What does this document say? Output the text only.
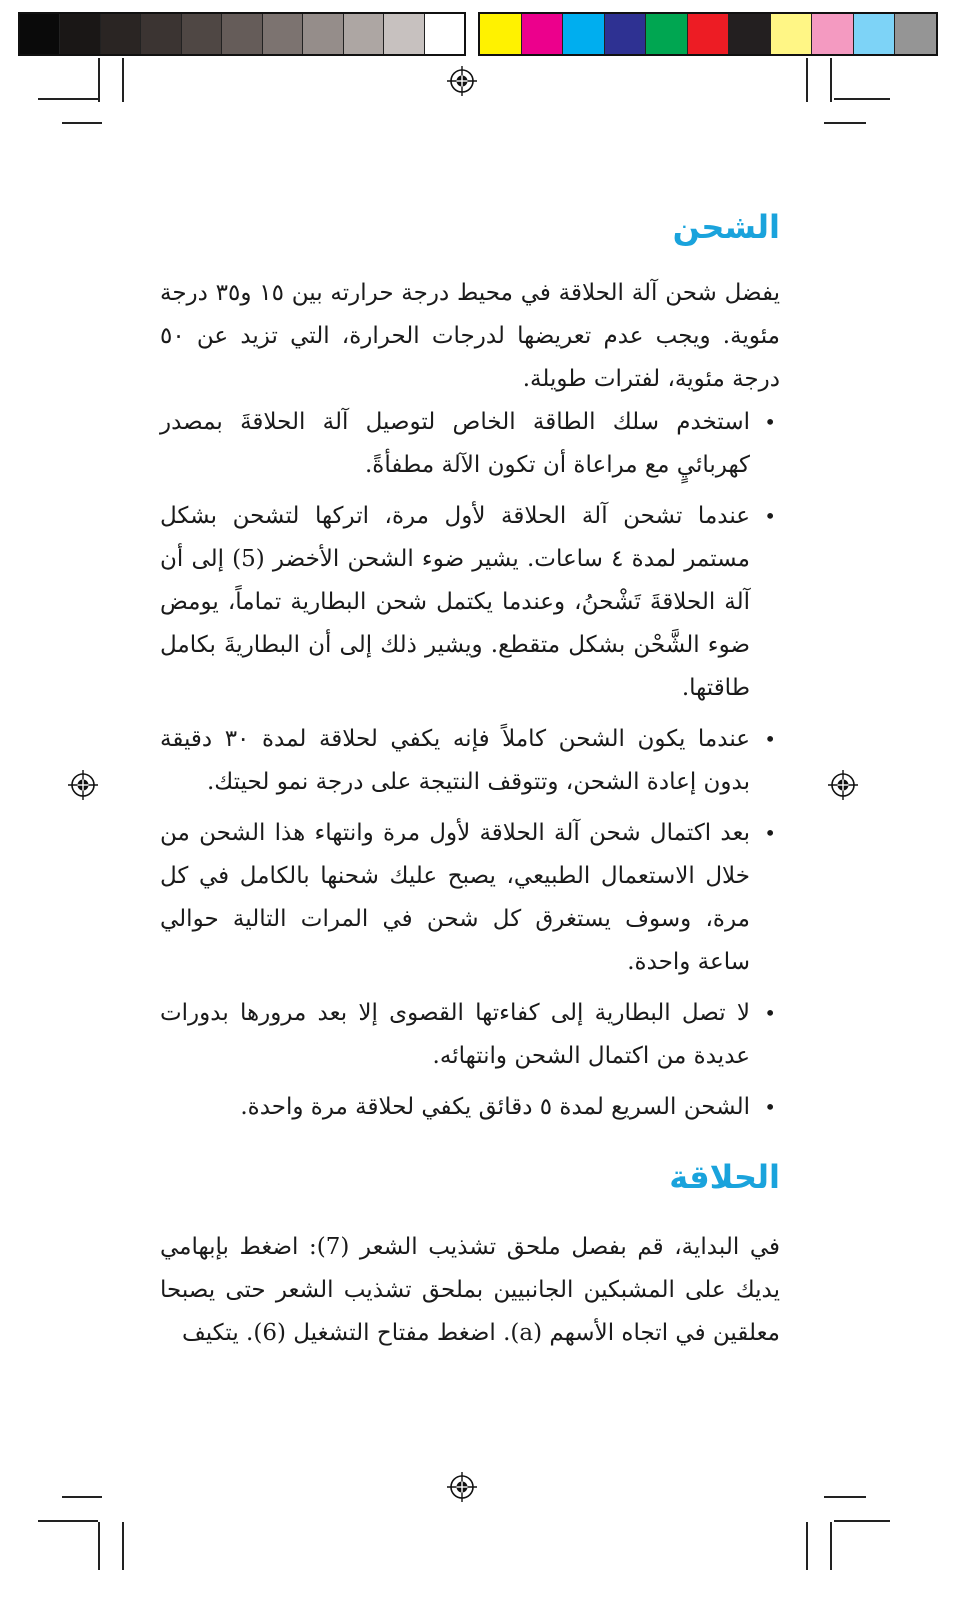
الشحن

يفضل شحن آلة الحلاقة في محيط درجة حرارته بين ١٥ و٣٥ درجة مئوية. ويجب عدم تعريضها لدرجات الحرارة، التي تزيد عن ٥٠ درجة مئوية، لفترات طويلة.

•
استخدم سلك الطاقة الخاص لتوصيل آلة الحلاقةَ بمصدر كهربائيٍ مع مراعاة أن تكون الآلة مطفأةً.
•
عندما تشحن آلة الحلاقة لأول مرة، اتركها لتشحن بشكل مستمر لمدة ٤ ساعات. يشير ضوء الشحن الأخضر (5) إلى أن آلة الحلاقةَ تَشْحنُ، وعندما يكتمل شحن البطارية تماماً، يومض ضوء الشَّحْن بشكل متقطع. ويشير ذلك إلى أن البطاريةَ بكامل طاقتها.
•
عندما يكون الشحن كاملاً فإنه يكفي لحلاقة لمدة ٣٠ دقيقة بدون إعادة الشحن، وتتوقف النتيجة على درجة نمو لحيتك.
•
بعد اكتمال شحن آلة الحلاقة لأول مرة وانتهاء هذا الشحن من خلال الاستعمال الطبيعي، يصبح عليك شحنها بالكامل في كل مرة، وسوف يستغرق كل شحن في المرات التالية حوالي ساعة واحدة.
•
لا تصل البطارية إلى كفاءتها القصوى إلا بعد مرورها بدورات عديدة من اكتمال الشحن وانتهائه.
•
الشحن السريع لمدة ٥ دقائق يكفي لحلاقة مرة واحدة.
الحلاقة

في البداية، قم بفصل ملحق تشذيب الشعر (7): اضغط بإبهامي يديك على المشبكين الجانبيين بملحق تشذيب الشعر حتى يصبحا معلقين في اتجاه الأسهم (a). اضغط مفتاح التشغيل (6). يتكيف
